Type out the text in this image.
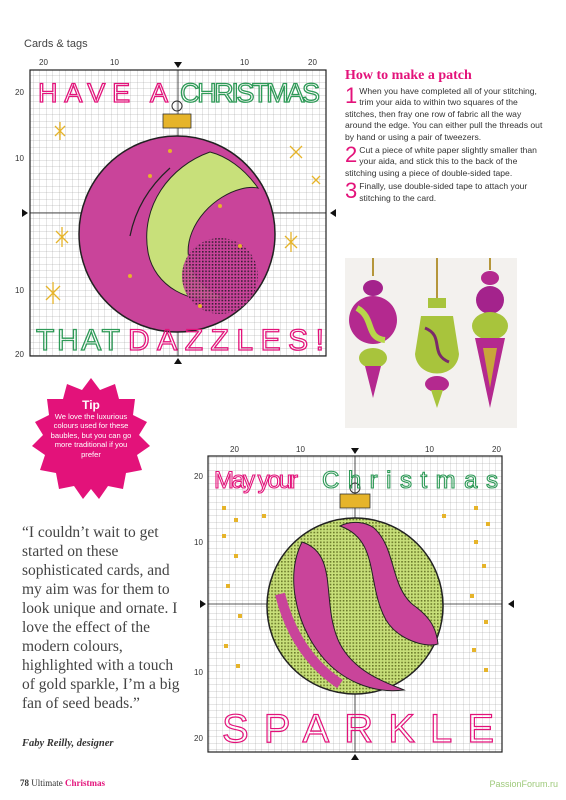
Cards & tags
20	10	10	20
20
10
10
20
HAVE A CHRISTMAS
THAT DAZZLES!
How to make a patch
1 When you have completed all of your stitching, trim your aida to within two squares of the stitches, then fray one row of fabric all the way around the edge. You can either pull the threads out by hand or using a pair of tweezers.
2 Cut a piece of white paper slightly smaller than your aida, and stick this to the back of the stitching using a piece of double-sided tape.
3 Finally, use double-sided tape to attach your stitching to the card.
Tip
We love the luxurious colours used for these baubles, but you can go more traditional if you prefer
20	10	10	20
20
10
10
20
May your Christmas
SPARKLE
“I couldn’t wait to get started on these sophisticated cards, and my aim was for them to look unique and ornate. I love the effect of the modern colours, highlighted with a touch of gold sparkle, I’m a big fan of seed beads.”
Faby Reilly, designer
78 Ultimate Christmas	PassionForum.ru
